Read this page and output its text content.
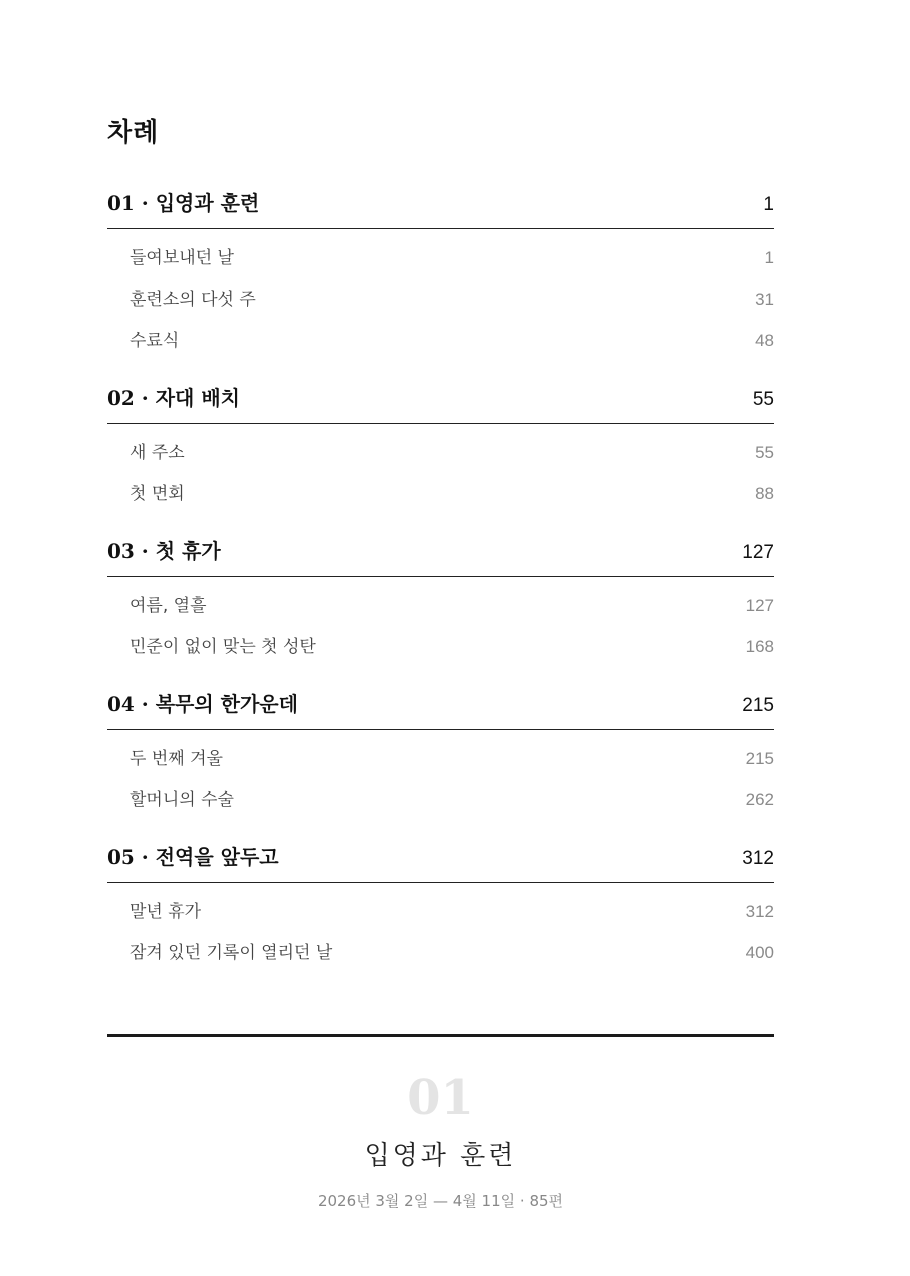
차례
01 · 입영과 훈련	1
들여보내던 날	1
훈련소의 다섯 주	31
수료식	48
02 · 자대 배치	55
새 주소	55
첫 면회	88
03 · 첫 휴가	127
여름, 열흘	127
민준이 없이 맞는 첫 성탄	168
04 · 복무의 한가운데	215
두 번째 겨울	215
할머니의 수술	262
05 · 전역을 앞두고	312
말년 휴가	312
잠겨 있던 기록이 열리던 날	400
01
입영과 훈련
2026년 3월 2일 — 4월 11일 · 85편
